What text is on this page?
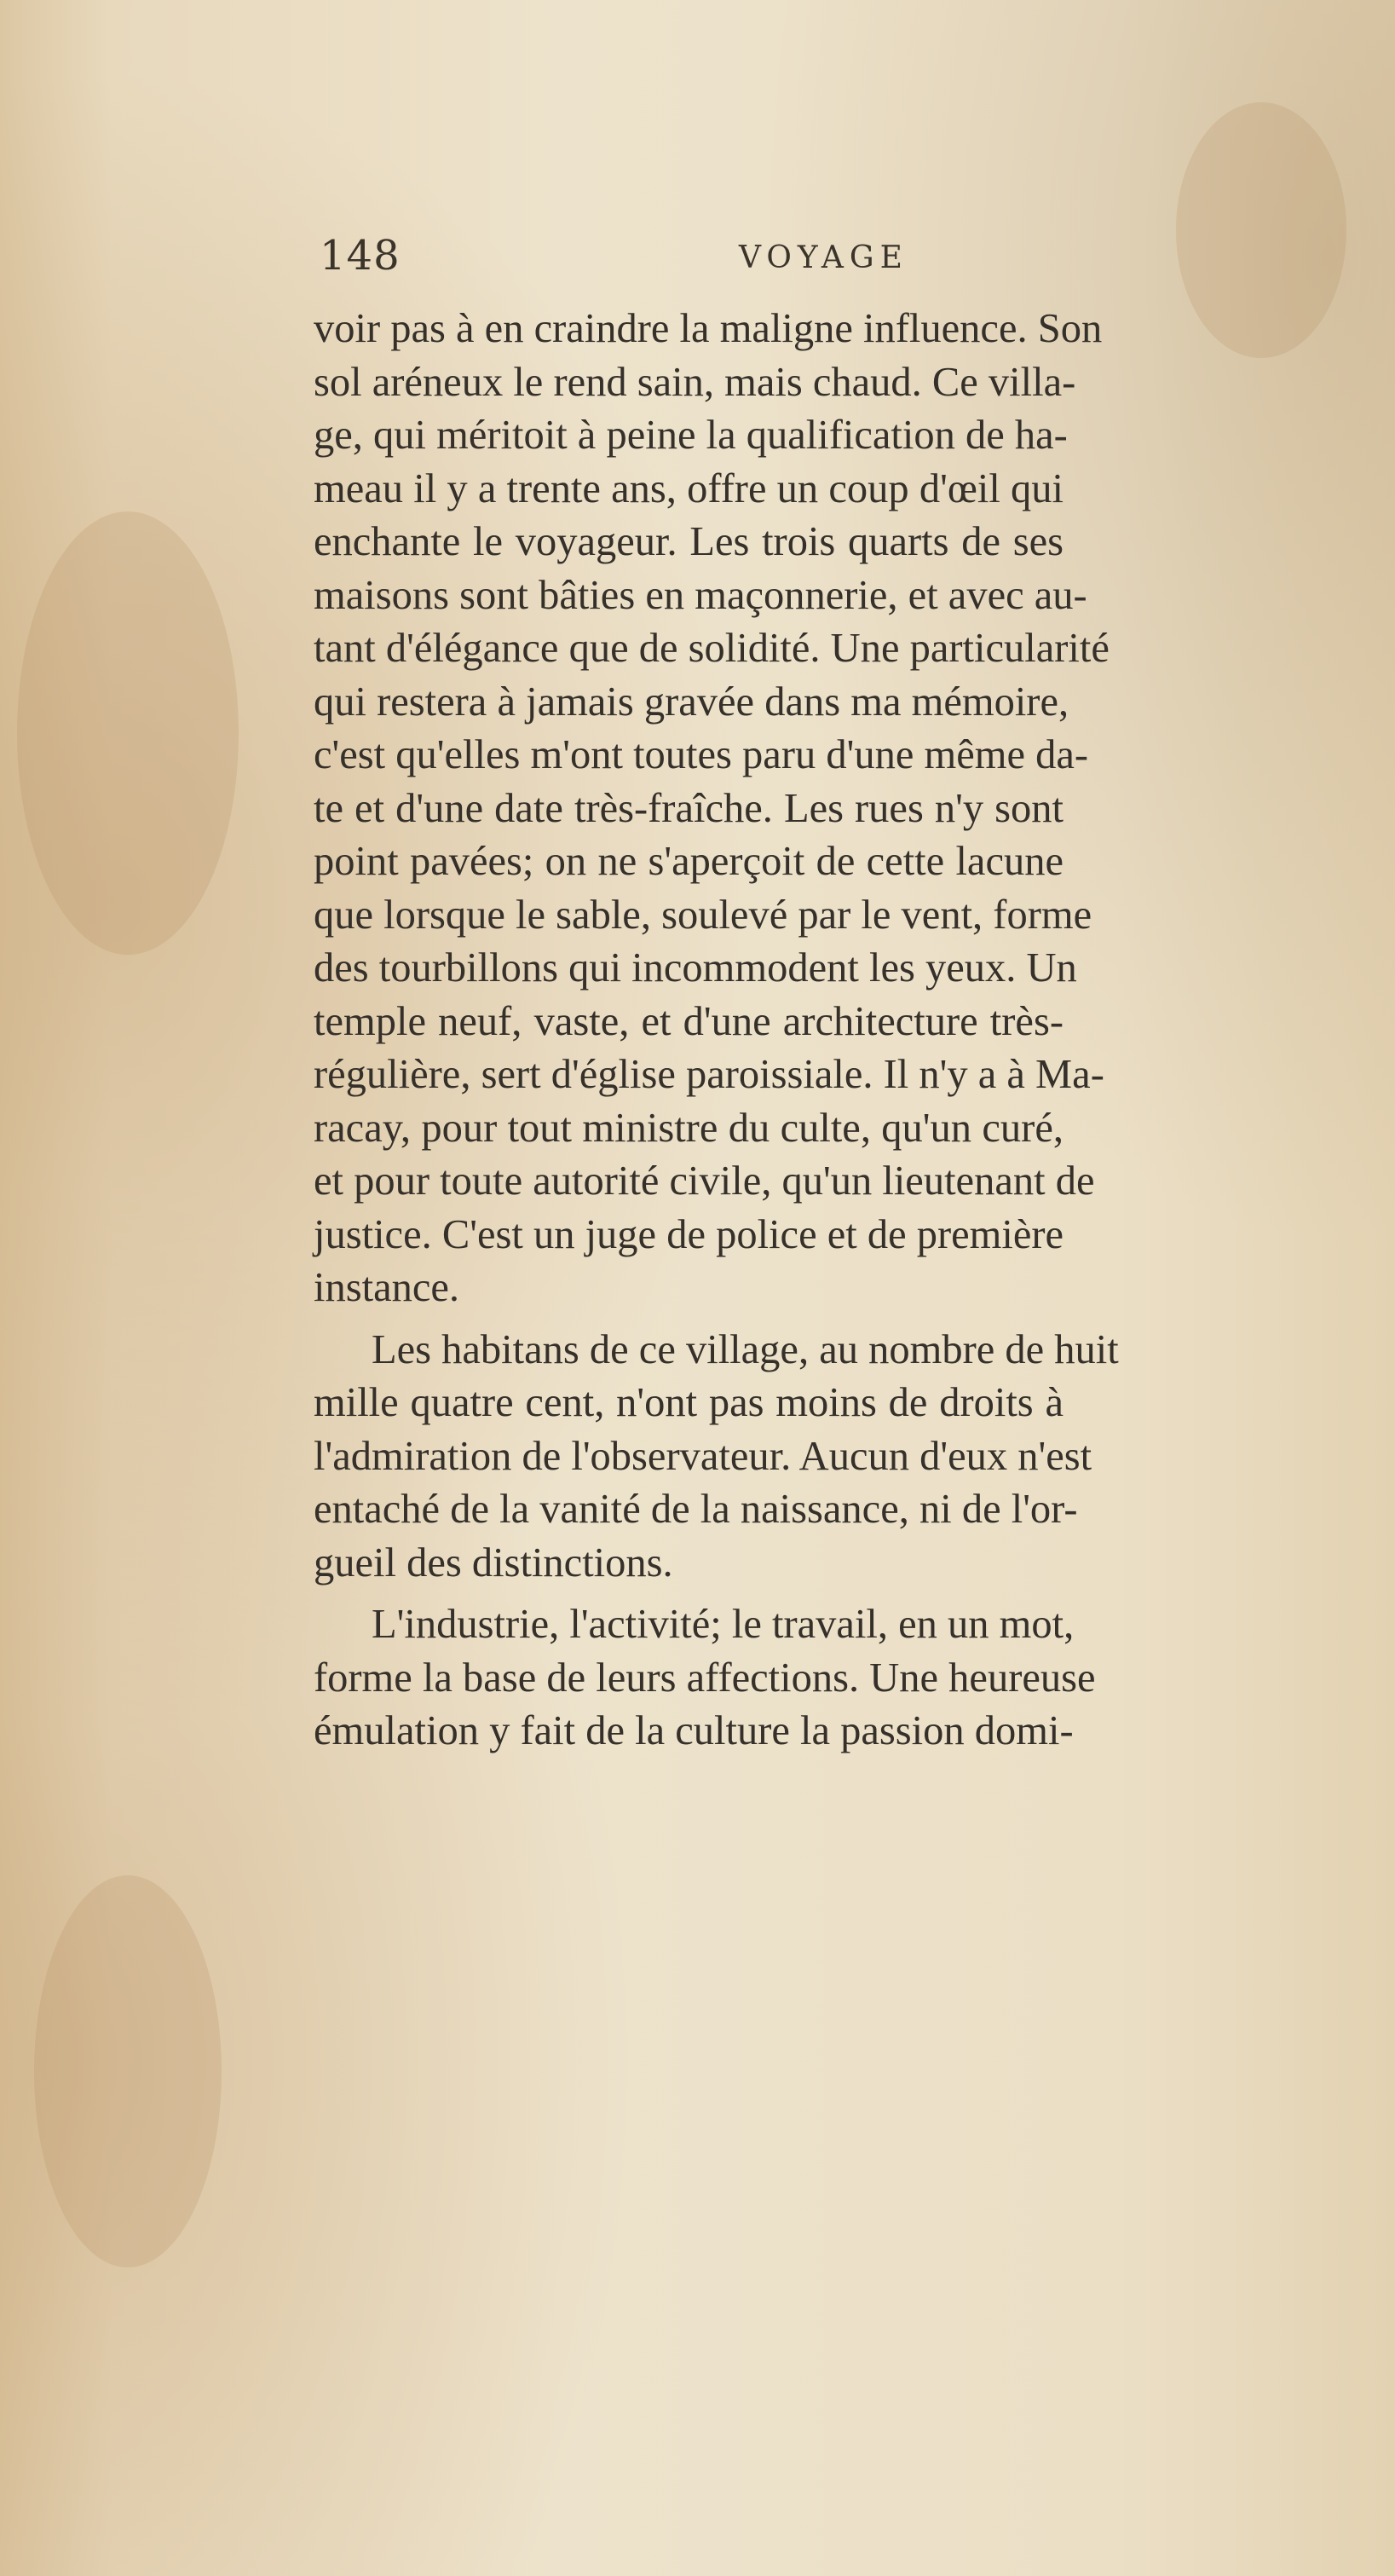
148	VOYAGE
voir pas à en craindre la maligne influence. Son
sol aréneux le rend sain, mais chaud. Ce villa-
ge, qui méritoit à peine la qualification de ha-
meau il y a trente ans, offre un coup d'œil qui
enchante le voyageur. Les trois quarts de ses
maisons sont bâties en maçonnerie, et avec au-
tant d'élégance que de solidité. Une particularité
qui restera à jamais gravée dans ma mémoire,
c'est qu'elles m'ont toutes paru d'une même da-
te et d'une date très-fraîche. Les rues n'y sont
point pavées; on ne s'aperçoit de cette lacune
que lorsque le sable, soulevé par le vent, forme
des tourbillons qui incommodent les yeux. Un
temple neuf, vaste, et d'une architecture très-
régulière, sert d'église paroissiale. Il n'y a à Ma-
racay, pour tout ministre du culte, qu'un curé,
et pour toute autorité civile, qu'un lieutenant de
justice. C'est un juge de police et de première
instance.
Les habitans de ce village, au nombre de huit
mille quatre cent, n'ont pas moins de droits à
l'admiration de l'observateur. Aucun d'eux n'est
entaché de la vanité de la naissance, ni de l'or-
gueil des distinctions.
L'industrie, l'activité; le travail, en un mot,
forme la base de leurs affections. Une heureuse
émulation y fait de la culture la passion domi-
